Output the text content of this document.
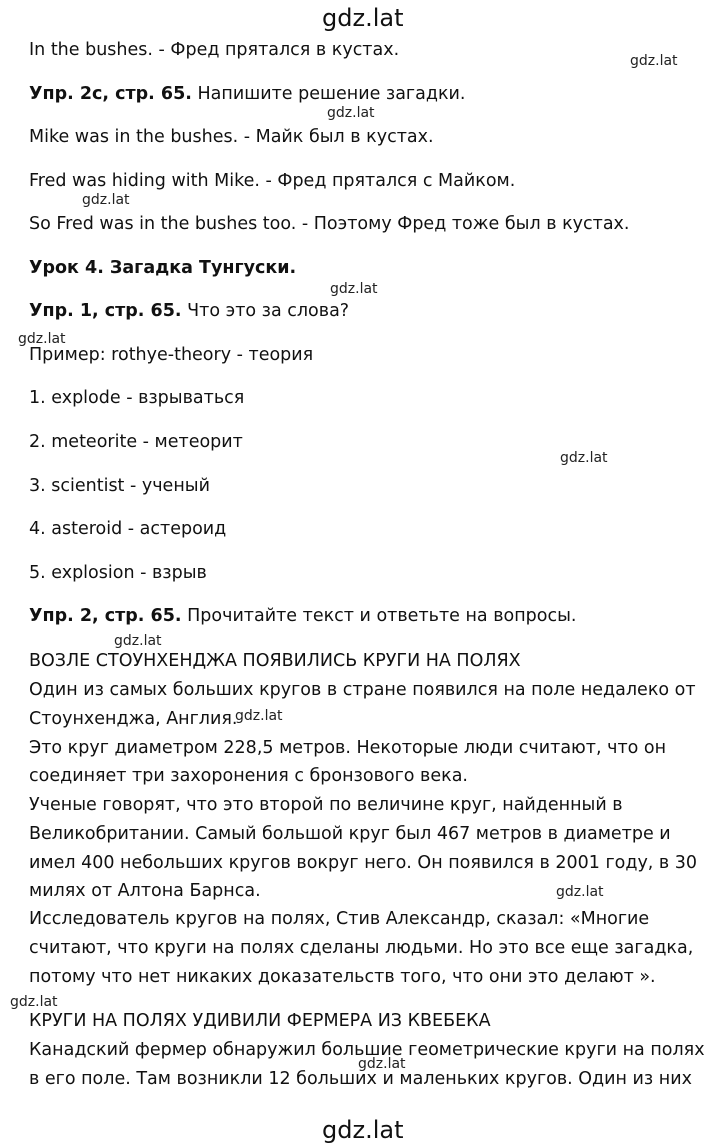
gdz.lat
gdz.lat
gdz.lat
gdz.lat
gdz.lat
gdz.lat
gdz.lat
gdz.lat
gdz.lat
gdz.lat
gdz.lat
gdz.lat
gdz.lat
In the bushes. - Фред прятался в кустах.
Упр. 2c, стр. 65. Напишите решение загадки.
Mike was in the bushes. - Майк был в кустах.
Fred was hiding with Mike. - Фред прятался с Майком.
So Fred was in the bushes too. - Поэтому Фред тоже был в кустах.
Урок 4. Загадка Тунгуски.
Упр. 1, стр. 65. Что это за слова?
Пример: rothye-theory - теория
1. explode - взрываться
2. meteorite - метеорит
3. scientist - ученый
4. asteroid - астероид
5. explosion - взрыв
Упр. 2, стр. 65. Прочитайте текст и ответьте на вопросы.
ВОЗЛЕ СТОУНХЕНДЖА ПОЯВИЛИСЬ КРУГИ НА ПОЛЯХ
Один из самых больших кругов в стране появился на поле недалеко от
Стоунхенджа, Англия.
Это круг диаметром 228,5 метров. Некоторые люди считают, что он
соединяет три захоронения с бронзового века.
Ученые говорят, что это второй по величине круг, найденный в
Великобритании. Самый большой круг был 467 метров в диаметре и
имел 400 небольших кругов вокруг него. Он появился в 2001 году, в 30
милях от Алтона Барнса.
Исследователь кругов на полях, Стив Александр, сказал: «Многие
считают, что круги на полях сделаны людьми. Но это все еще загадка,
потому что нет никаких доказательств того, что они это делают ».
КРУГИ НА ПОЛЯХ УДИВИЛИ ФЕРМЕРА ИЗ КВЕБЕКА
Канадский фермер обнаружил большие геометрические круги на полях
в его поле. Там возникли 12 больших и маленьких кругов. Один из них
